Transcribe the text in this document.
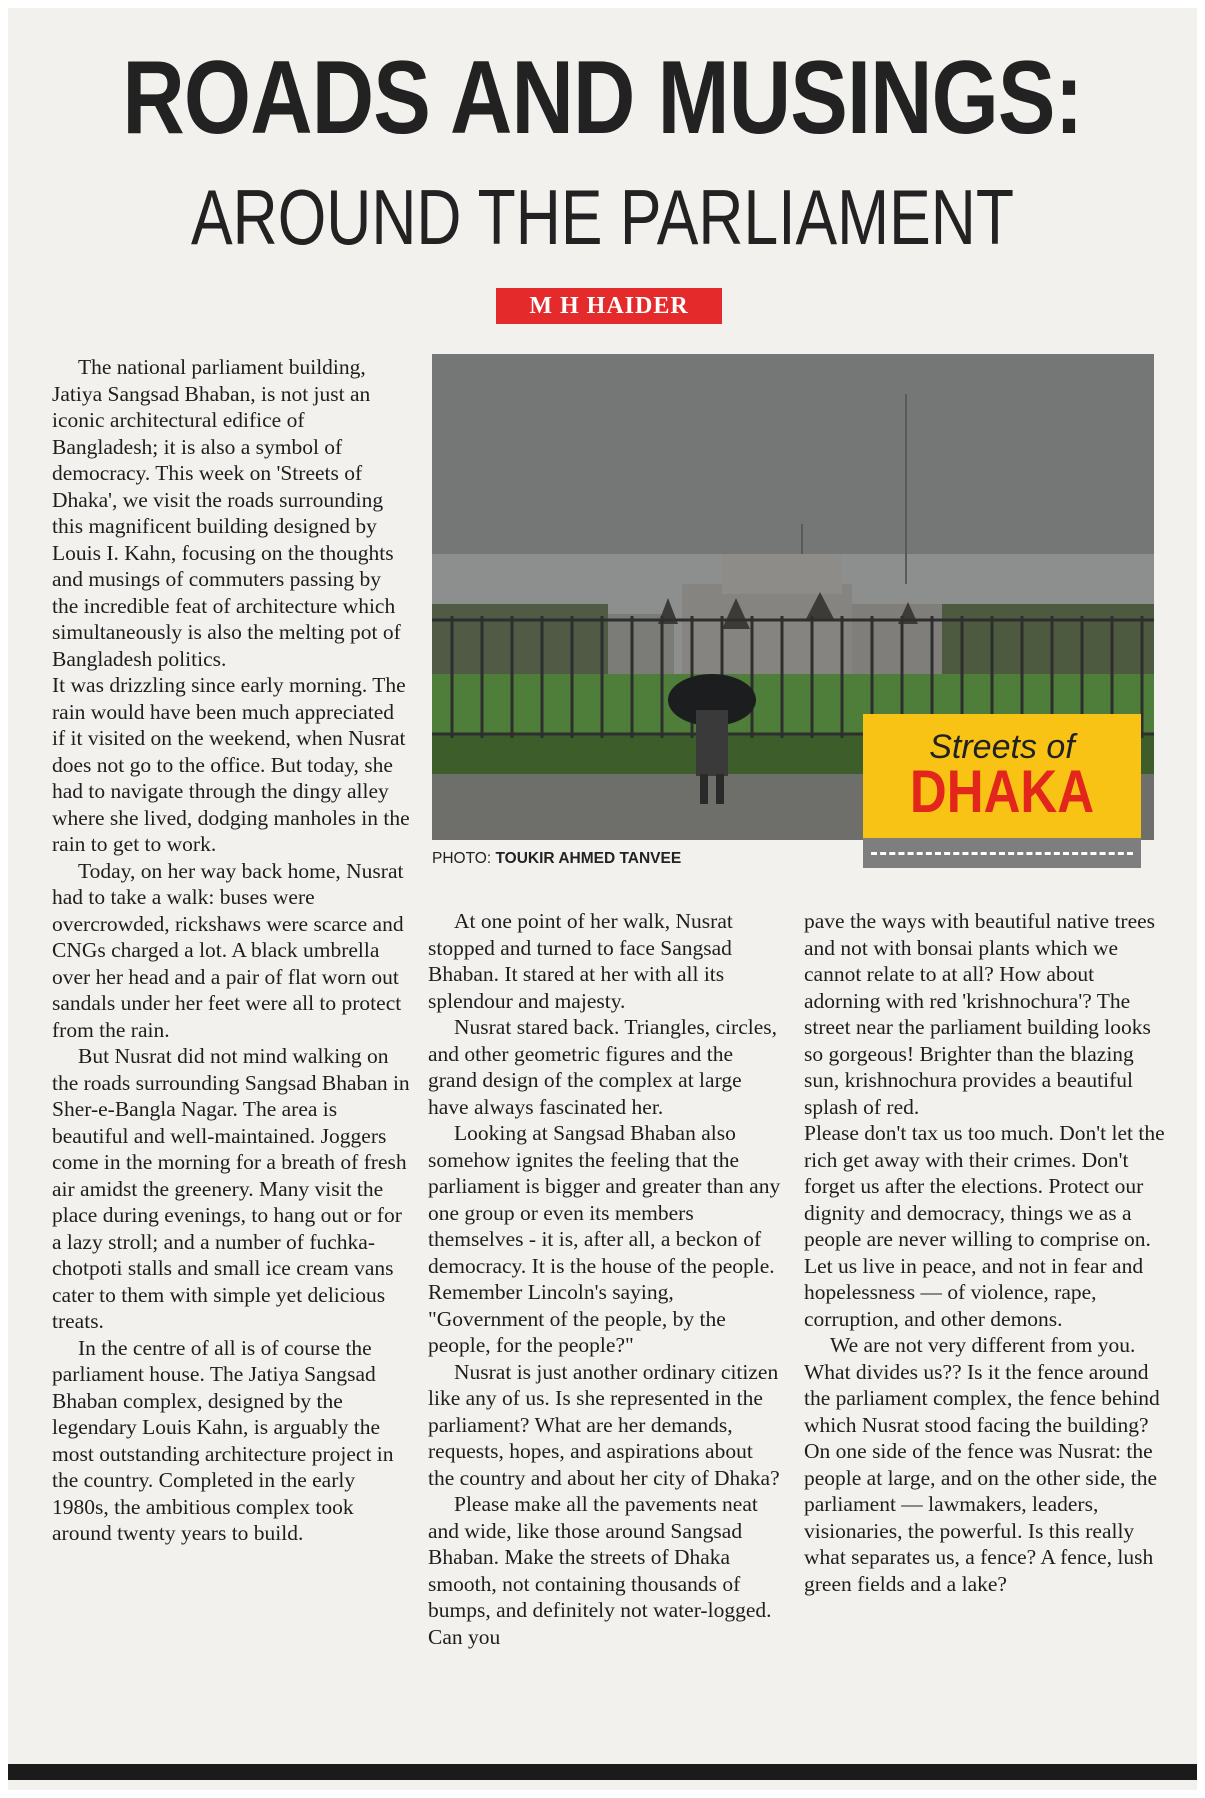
ROADS AND MUSINGS:
AROUND THE PARLIAMENT
M H HAIDER

The national parliament building, Jatiya Sangsad Bhaban, is not just an iconic architectural edifice of Bangladesh; it is also a symbol of democracy. This week on 'Streets of Dhaka', we visit the roads surrounding this magnificent building designed by Louis I. Kahn, focusing on the thoughts and musings of commuters passing by the incredible feat of architecture which simultaneously is also the melting pot of Bangladesh politics.

It was drizzling since early morning. The rain would have been much appreciated if it visited on the weekend, when Nusrat does not go to the office. But today, she had to navigate through the dingy alley where she lived, dodging manholes in the rain to get to work.

Today, on her way back home, Nusrat had to take a walk: buses were overcrowded, rickshaws were scarce and CNGs charged a lot. A black umbrella over her head and a pair of flat worn out sandals under her feet were all to protect from the rain.

But Nusrat did not mind walking on the roads surrounding Sangsad Bhaban in Sher-e-Bangla Nagar. The area is beautiful and well-maintained. Joggers come in the morning for a breath of fresh air amidst the greenery. Many visit the place during evenings, to hang out or for a lazy stroll; and a number of fuchka-chotpoti stalls and small ice cream vans cater to them with simple yet delicious treats.

In the centre of all is of course the parliament house. The Jatiya Sangsad Bhaban complex, designed by the legendary Louis Kahn, is arguably the most outstanding architecture project in the country. Completed in the early 1980s, the ambitious complex took around twenty years to build.

Streets of
DHAKA
PHOTO: TOUKIR AHMED TANVEE

At one point of her walk, Nusrat stopped and turned to face Sangsad Bhaban. It stared at her with all its splendour and majesty.

Nusrat stared back. Triangles, circles, and other geometric figures and the grand design of the complex at large have always fascinated her.

Looking at Sangsad Bhaban also somehow ignites the feeling that the parliament is bigger and greater than any one group or even its members themselves - it is, after all, a beckon of democracy. It is the house of the people. Remember Lincoln's saying, "Government of the people, by the people, for the people?"

Nusrat is just another ordinary citizen like any of us. Is she represented in the parliament? What are her demands, requests, hopes, and aspirations about the country and about her city of Dhaka?

Please make all the pavements neat and wide, like those around Sangsad Bhaban. Make the streets of Dhaka smooth, not containing thousands of bumps, and definitely not water-logged. Can you

pave the ways with beautiful native trees and not with bonsai plants which we cannot relate to at all? How about adorning with red 'krishnochura'? The street near the parliament building looks so gorgeous! Brighter than the blazing sun, krishnochura provides a beautiful splash of red.

Please don't tax us too much. Don't let the rich get away with their crimes. Don't forget us after the elections. Protect our dignity and democracy, things we as a people are never willing to comprise on. Let us live in peace, and not in fear and hopelessness — of violence, rape, corruption, and other demons.

We are not very different from you. What divides us?? Is it the fence around the parliament complex, the fence behind which Nusrat stood facing the building? On one side of the fence was Nusrat: the people at large, and on the other side, the parliament — lawmakers, leaders, visionaries, the powerful. Is this really what separates us, a fence? A fence, lush green fields and a lake?
